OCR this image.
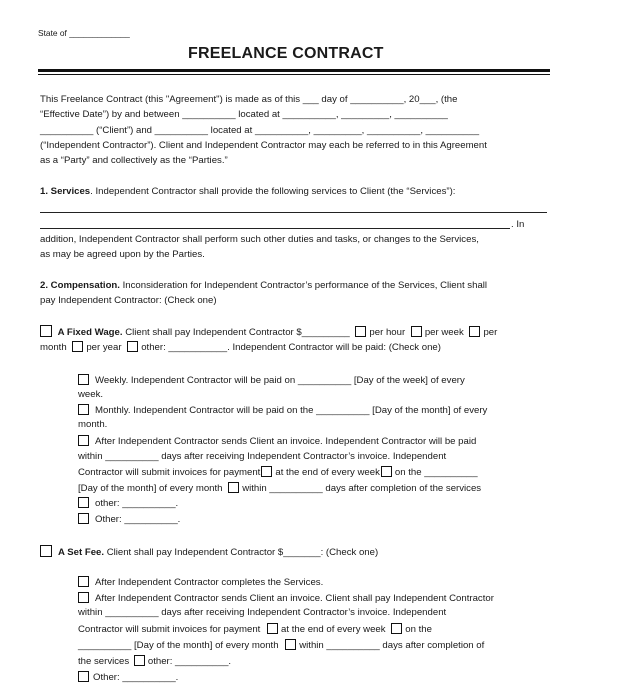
State of _____________
FREELANCE CONTRACT
This Freelance Contract (this "Agreement") is made as of this ___ day of __________, 20___, (the
“Effective Date”) by and between __________ located at __________, _________, __________
__________ (“Client”) and __________ located at __________, _________, __________, __________
(“Independent Contractor”). Client and Independent Contractor may each be referred to in this Agreement
as a “Party” and collectively as the “Parties.”
1. Services. Independent Contractor shall provide the following services to Client (the “Services”):
. In
addition, Independent Contractor shall perform such other duties and tasks, or changes to the Services,
as may be agreed upon by the Parties.
2. Compensation. Inconsideration for Independent Contractor’s performance of the Services, Client shall
pay Independent Contractor: (Check one)
A Fixed Wage. Client shall pay Independent Contractor $_________ per hour per week per
month per year other: ___________. Independent Contractor will be paid: (Check one)
Weekly. Independent Contractor will be paid on __________ [Day of the week] of every
week.
Monthly. Independent Contractor will be paid on the __________ [Day of the month] of every
month.
After Independent Contractor sends Client an invoice. Independent Contractor will be paid
within __________ days after receiving Independent Contractor’s invoice. Independent
Contractor will submit invoices for payment at the end of every week on the __________
[Day of the month] of every month within __________ days after completion of the services
other: __________.
Other: __________.
A Set Fee. Client shall pay Independent Contractor $_______: (Check one)
After Independent Contractor completes the Services.
After Independent Contractor sends Client an invoice. Client shall pay Independent Contractor
within __________ days after receiving Independent Contractor’s invoice. Independent
Contractor will submit invoices for payment at the end of every week on the
__________ [Day of the month] of every month within __________ days after completion of
the services other: __________.
Other: __________.
